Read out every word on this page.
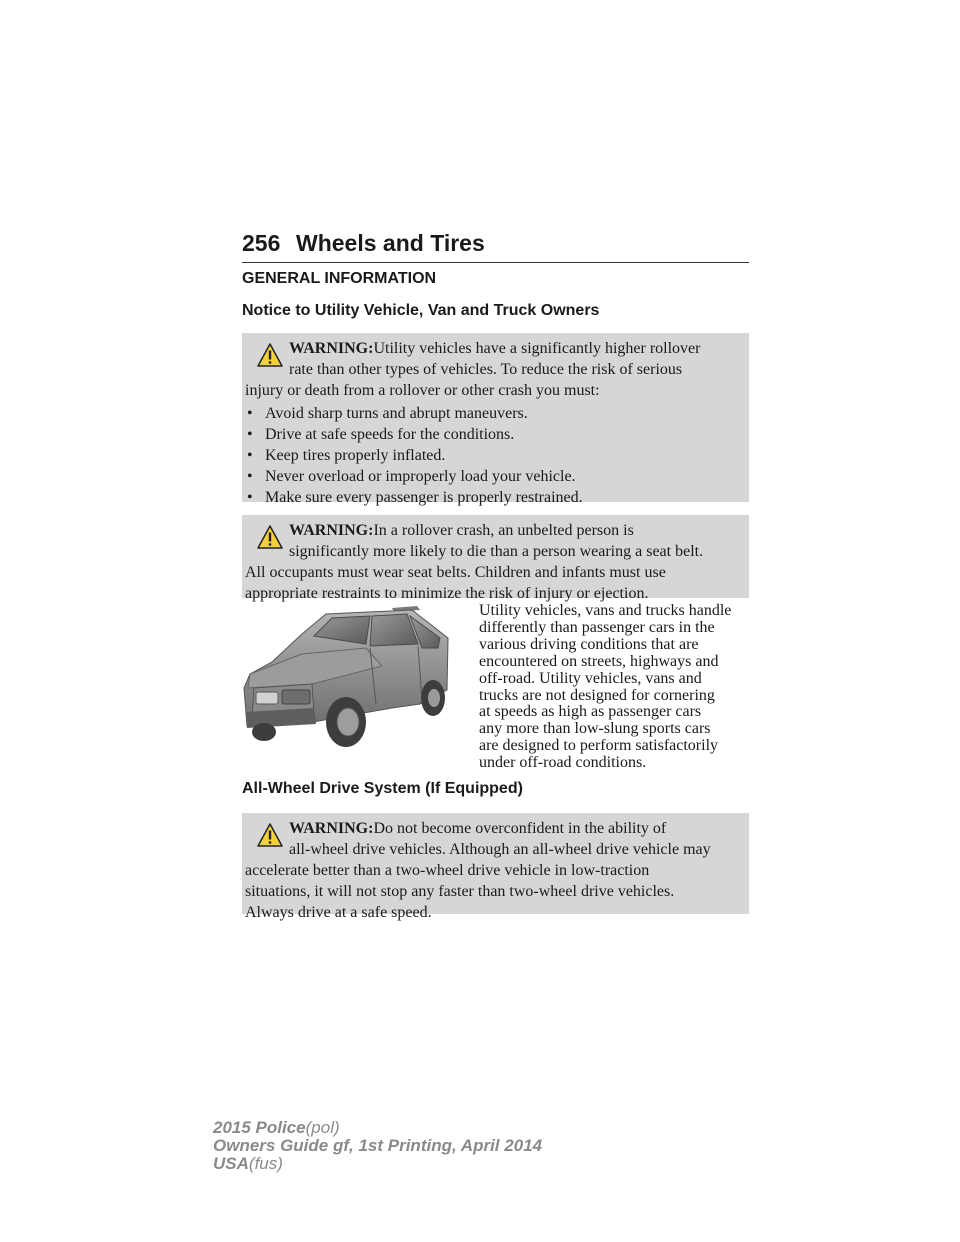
256 Wheels and Tires
GENERAL INFORMATION
Notice to Utility Vehicle, Van and Truck Owners
WARNING:Utility vehicles have a significantly higher rollover
rate than other types of vehicles. To reduce the risk of serious
injury or death from a rollover or other crash you must:
• Avoid sharp turns and abrupt maneuvers.
• Drive at safe speeds for the conditions.
• Keep tires properly inflated.
• Never overload or improperly load your vehicle.
• Make sure every passenger is properly restrained.
WARNING:In a rollover crash, an unbelted person is
significantly more likely to die than a person wearing a seat belt.
All occupants must wear seat belts. Children and infants must use
appropriate restraints to minimize the risk of injury or ejection.
Utility vehicles, vans and trucks handle
differently than passenger cars in the
various driving conditions that are
encountered on streets, highways and
off-road. Utility vehicles, vans and
trucks are not designed for cornering
at speeds as high as passenger cars
any more than low-slung sports cars
are designed to perform satisfactorily
under off-road conditions.
All-Wheel Drive System (If Equipped)
WARNING:Do not become overconfident in the ability of
all-wheel drive vehicles. Although an all-wheel drive vehicle may
accelerate better than a two-wheel drive vehicle in low-traction
situations, it will not stop any faster than two-wheel drive vehicles.
Always drive at a safe speed.
2015 Police(pol)
Owners Guide gf, 1st Printing, April 2014
USA(fus)
